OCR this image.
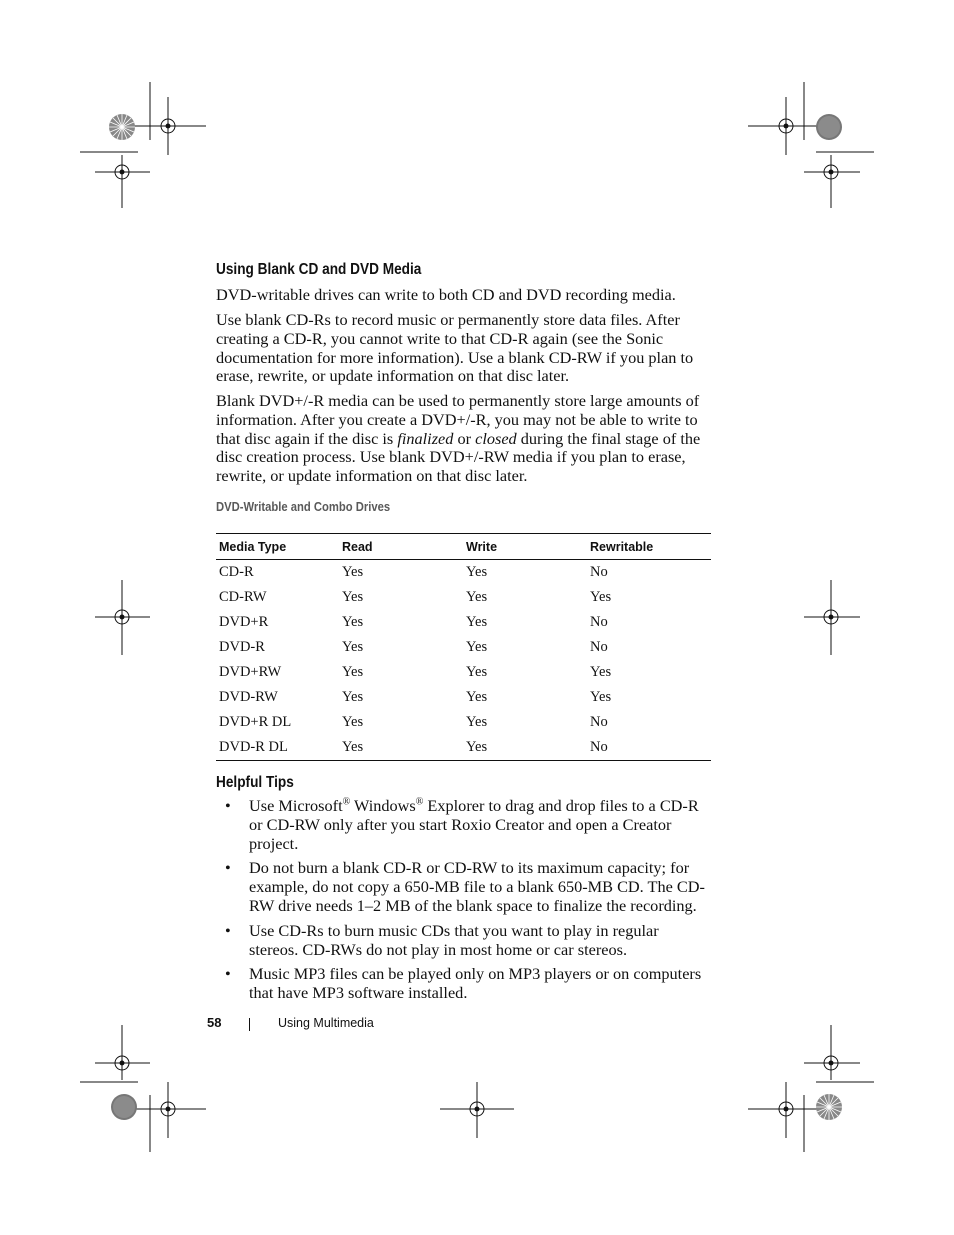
Using Blank CD and DVD Media

DVD-writable drives can write to both CD and DVD recording media.

Use blank CD-Rs to record music or permanently store data files. After creating a CD-R, you cannot write to that CD-R again (see the Sonic documentation for more information). Use a blank CD-RW if you plan to erase, rewrite, or update information on that disc later.

Blank DVD+/-R media can be used to permanently store large amounts of information. After you create a DVD+/-R, you may not be able to write to that disc again if the disc is finalized or closed during the final stage of the disc creation process. Use blank DVD+/-RW media if you plan to erase, rewrite, or update information on that disc later.

DVD-Writable and Combo Drives
Media Type	Read	Write	Rewritable
CD-R	Yes	Yes	No
CD-RW	Yes	Yes	Yes
DVD+R	Yes	Yes	No
DVD-R	Yes	Yes	No
DVD+RW	Yes	Yes	Yes
DVD-RW	Yes	Yes	Yes
DVD+R DL	Yes	Yes	No
DVD-R DL	Yes	Yes	No
Helpful Tips
• Use Microsoft® Windows® Explorer to drag and drop files to a CD-R or CD-RW only after you start Roxio Creator and open a Creator project.
• Do not burn a blank CD-R or CD-RW to its maximum capacity; for example, do not copy a 650-MB file to a blank 650-MB CD. The CD-RW drive needs 1–2 MB of the blank space to finalize the recording.
• Use CD-Rs to burn music CDs that you want to play in regular stereos. CD-RWs do not play in most home or car stereos.
• Music MP3 files can be played only on MP3 players or on computers that have MP3 software installed.
58	Using Multimedia
